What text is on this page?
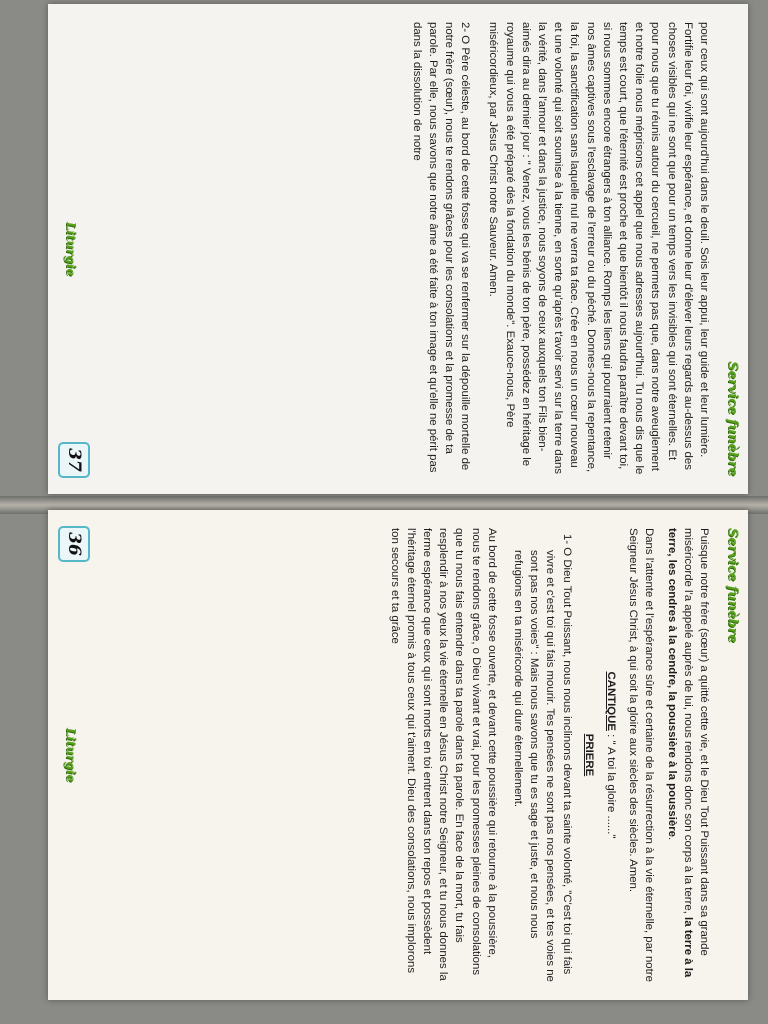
Service funèbre

pour ceux qui sont aujourd'hui dans le deuil. Sois leur appui, leur guide et leur lumière. Fortifie leur foi, vivifie leur espérance, et donne leur d'élever leurs regards au-dessus des choses visibles qui ne sont que pour un temps vers les invisibles qui sont éternelles. Et pour nous que tu réunis autour du cercueil, ne permets pas que, dans notre aveuglement et notre folie nous méprisons cet appel que nous adresses aujourd'hui. Tu nous dis que le temps est court, que l'éternité est proche et que bientôt il nous faudra paraître devant toi, si nous sommes encore étrangers à ton alliance. Romps les liens qui pourraient retenir nos âmes captives sous l'esclavage de l'erreur ou du péché. Donnes-nous la repentance, la foi, la sanctification sans laquelle nul ne verra ta face. Crée en nous un cœur nouveau et une volonté qui soit soumise à la tienne, en sorte qu'après t'avoir servi sur la terre dans la vérité, dans l'amour et dans la justice, nous soyons de ceux auxquels ton Fils bien-aimés dira au dernier jour : " Venez, vous les bénis de ton père, possédez en héritage le royaume qui vous a été préparé dès la fondation du monde". Exauce-nous, Père miséricordieux, par Jésus Christ notre Sauveur. Amen.

2- O Père céleste, au bord de cette fosse qui va se renfermer sur la dépouille mortelle de notre frère (sœur), nous te rendons grâces pour les consolations et la promesse de ta parole. Par elle, nous savons que notre âme a été faite à ton image et qu'elle ne périt pas dans la dissolution de notre

Liturgie
37
Service funèbre

Puisque notre frère (sœur) a quitté cette vie, et le Dieu Tout Puissant dans sa grande miséricorde l'a appelé auprès de lui, nous rendons donc son corps à la terre, la terre à la terre, les cendres à la cendre, la poussière à la poussière.

Dans l'attente et l'espérance sûre et certaine de la résurrection à la vie éternelle, par notre Seigneur Jésus Christ, à qui soit la gloire aux siècles des siècles. Amen.

CANTIQUE : " A toi la gloire ......"

PRIERE

1- O Dieu Tout Puissant, nous nous inclinons devant ta sainte volonté, "C'est toi qui fais vivre et c'est toi qui fais mourir. Tes pensées ne sont pas nos pensées, et tes voies ne sont pas nos voies" : Mais nous savons que tu es sage et juste, et nous nous refugions en ta miséricorde qui dure éternellement.

Au bord de cette fosse ouverte, et devant cette poussière qui retourne à la poussière, nous te rendons grâce, o Dieu vivant et vrai, pour les promesses pleines de consolations que tu nous fais entendre dans ta parole dans ta parole. En face de la mort, tu fais resplendir à nos yeux la vie éternelle en Jésus Christ notre Seigneur, et tu nous donnes la ferme espérance que ceux qui sont morts en toi entrent dans ton repos et possèdent l'héritage éternel promis à tous ceux qui t'aiment. Dieu des consolations, nous implorons ton secours et ta grâce

36
Liturgie
